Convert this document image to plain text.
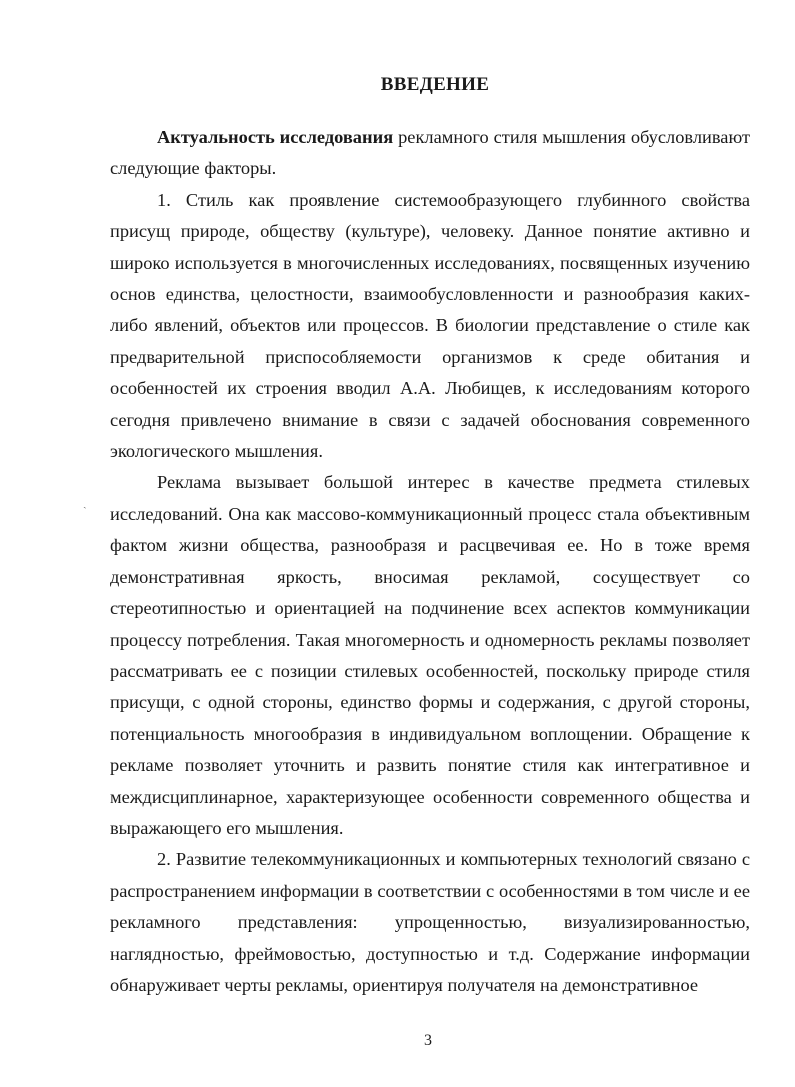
ВВЕДЕНИЕ
ˏ

Актуальность исследования рекламного стиля мышления обусловливают следующие факторы.

1. Стиль как проявление системообразующего глубинного свойства присущ природе, обществу (культуре), человеку. Данное понятие активно и широко используется в многочисленных исследованиях, посвященных изучению основ единства, целостности, взаимообусловленности и разнообразия каких-либо явлений, объектов или процессов. В биологии представление о стиле как предварительной приспособляемости организмов к среде обитания и особенностей их строения вводил А.А. Любищев, к исследованиям которого сегодня привлечено внимание в связи с задачей обоснования современного экологического мышления.

Реклама вызывает большой интерес в качестве предмета стилевых исследований. Она как массово-коммуникационный процесс стала объективным фактом жизни общества, разнообразя и расцвечивая ее. Но в тоже время демонстративная яркость, вносимая рекламой, сосуществует со стереотипностью и ориентацией на подчинение всех аспектов коммуникации процессу потребления. Такая многомерность и одномерность рекламы позволяет рассматривать ее с позиции стилевых особенностей, поскольку природе стиля присущи, с одной стороны, единство формы и содержания, с другой стороны, потенциальность многообразия в индивидуальном воплощении. Обращение к рекламе позволяет уточнить и развить понятие стиля как интегративное и междисциплинарное, характеризующее особенности современного общества и выражающего его мышления.

2. Развитие телекоммуникационных и компьютерных технологий связано с распространением информации в соответствии с особенностями в том числе и ее рекламного представления: упрощенностью, визуализированностью, наглядностью, фреймовостью, доступностью и т.д. Содержание информации обнаруживает черты рекламы, ориентируя получателя на демонстративное

3
